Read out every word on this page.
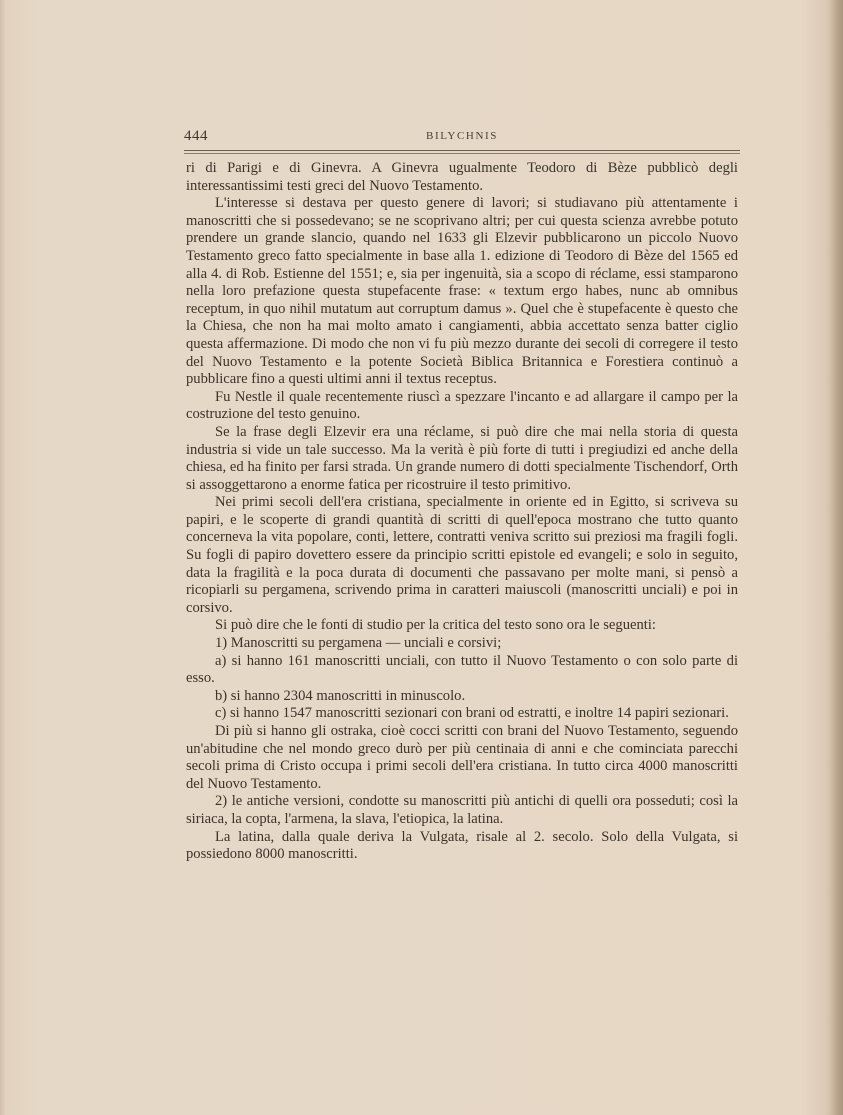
444	BILYCHNIS

ri di Parigi e di Ginevra. A Ginevra ugualmente Teodoro di Bèze pubblicò degli interessantissimi testi greci del Nuovo Testamento.

L'interesse si destava per questo genere di lavori; si studiavano più attentamente i manoscritti che si possedevano; se ne scoprivano altri; per cui questa scienza avrebbe potuto prendere un grande slancio, quando nel 1633 gli Elzevir pubblicarono un piccolo Nuovo Testamento greco fatto specialmente in base alla 1. edizione di Teodoro di Bèze del 1565 ed alla 4. di Rob. Estienne del 1551; e, sia per ingenuità, sia a scopo di réclame, essi stamparono nella loro prefazione questa stupefacente frase: « textum ergo habes, nunc ab omnibus receptum, in quo nihil mutatum aut corruptum damus ». Quel che è stupefacente è questo che la Chiesa, che non ha mai molto amato i cangiamenti, abbia accettato senza batter ciglio questa affermazione. Di modo che non vi fu più mezzo durante dei secoli di corregere il testo del Nuovo Testamento e la potente Società Biblica Britannica e Forestiera continuò a pubblicare fino a questi ultimi anni il textus receptus.

Fu Nestle il quale recentemente riuscì a spezzare l'incanto e ad allargare il campo per la costruzione del testo genuino.

Se la frase degli Elzevir era una réclame, si può dire che mai nella storia di questa industria si vide un tale successo. Ma la verità è più forte di tutti i pregiudizi ed anche della chiesa, ed ha finito per farsi strada. Un grande numero di dotti specialmente Tischendorf, Orth si assoggettarono a enorme fatica per ricostruire il testo primitivo.

Nei primi secoli dell'era cristiana, specialmente in oriente ed in Egitto, si scriveva su papiri, e le scoperte di grandi quantità di scritti di quell'epoca mostrano che tutto quanto concerneva la vita popolare, conti, lettere, contratti veniva scritto sui preziosi ma fragili fogli. Su fogli di papiro dovettero essere da principio scritti epistole ed evangeli; e solo in seguito, data la fragilità e la poca durata di documenti che passavano per molte mani, si pensò a ricopiarli su pergamena, scrivendo prima in caratteri maiuscoli (manoscritti unciali) e poi in corsivo.

Si può dire che le fonti di studio per la critica del testo sono ora le seguenti:

1) Manoscritti su pergamena — unciali e corsivi;

a) si hanno 161 manoscritti unciali, con tutto il Nuovo Testamento o con solo parte di esso.

b) si hanno 2304 manoscritti in minuscolo.

c) si hanno 1547 manoscritti sezionari con brani od estratti, e inoltre 14 papiri sezionari.

Di più si hanno gli ostraka, cioè cocci scritti con brani del Nuovo Testamento, seguendo un'abitudine che nel mondo greco durò per più centinaia di anni e che cominciata parecchi secoli prima di Cristo occupa i primi secoli dell'era cristiana. In tutto circa 4000 manoscritti del Nuovo Testamento.

2) le antiche versioni, condotte su manoscritti più antichi di quelli ora posseduti; così la siriaca, la copta, l'armena, la slava, l'etiopica, la latina.

La latina, dalla quale deriva la Vulgata, risale al 2. secolo. Solo della Vulgata, si possiedono 8000 manoscritti.
